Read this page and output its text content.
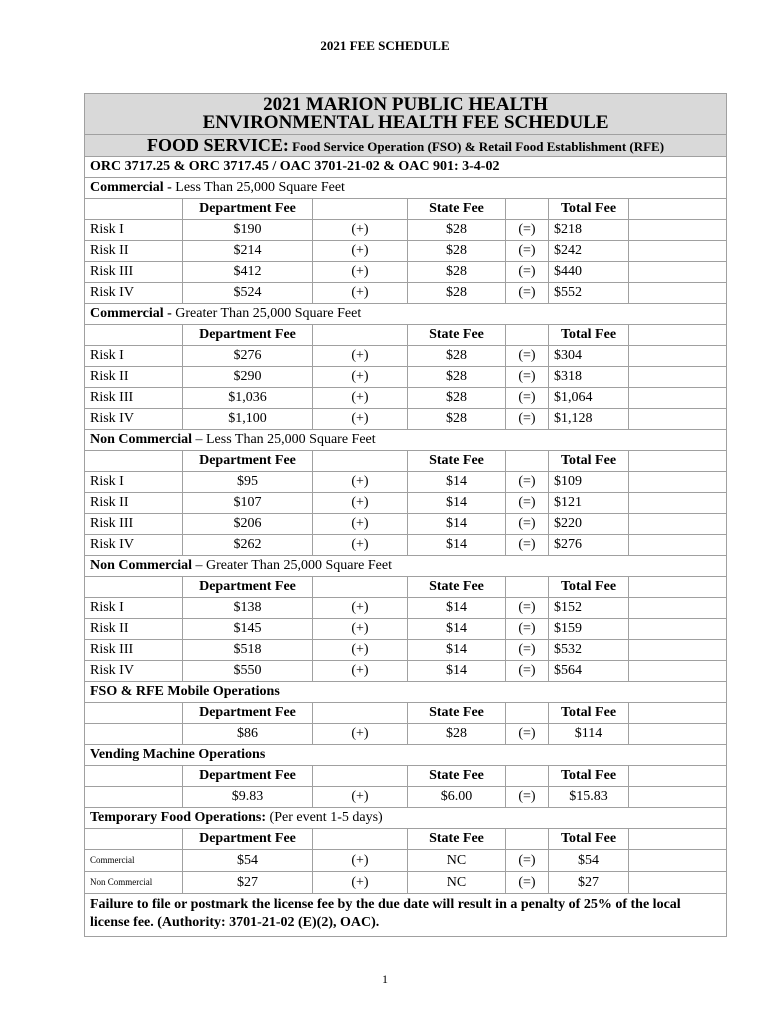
2021 FEE SCHEDULE
2021 MARION PUBLIC HEALTH
ENVIRONMENTAL HEALTH FEE SCHEDULE						

FOOD SERVICE: Food Service Operation (FSO) & Retail Food Establishment (RFE)						
ORC 3717.25 & ORC 3717.45 / OAC 3701-21-02 & OAC 901: 3-4-02						
Commercial - Less Than 25,000 Square Feet						
	Department Fee		State Fee		Total Fee	
Risk I	$190	(+)	$28	(=)	$218	
Risk II	$214	(+)	$28	(=)	$242	
Risk III	$412	(+)	$28	(=)	$440	
Risk IV	$524	(+)	$28	(=)	$552	
Commercial - Greater Than 25,000 Square Feet						
	Department Fee		State Fee		Total Fee	
Risk I	$276	(+)	$28	(=)	$304	
Risk II	$290	(+)	$28	(=)	$318	
Risk III	$1,036	(+)	$28	(=)	$1,064	
Risk IV	$1,100	(+)	$28	(=)	$1,128	
Non Commercial – Less Than 25,000 Square Feet						
	Department Fee		State Fee		Total Fee	
Risk I	$95	(+)	$14	(=)	$109	
Risk II	$107	(+)	$14	(=)	$121	
Risk III	$206	(+)	$14	(=)	$220	
Risk IV	$262	(+)	$14	(=)	$276	
Non Commercial – Greater Than 25,000 Square Feet						
	Department Fee		State Fee		Total Fee	
Risk I	$138	(+)	$14	(=)	$152	
Risk II	$145	(+)	$14	(=)	$159	
Risk III	$518	(+)	$14	(=)	$532	
Risk IV	$550	(+)	$14	(=)	$564	
FSO & RFE Mobile Operations						
	Department Fee		State Fee		Total Fee	
	$86	(+)	$28	(=)	$114	
Vending Machine Operations						
	Department Fee		State Fee		Total Fee	
	$9.83	(+)	$6.00	(=)	$15.83	
Temporary Food Operations: (Per event 1-5 days)						
	Department Fee		State Fee		Total Fee	
Commercial	$54	(+)	NC	(=)	$54	
Non Commercial	$27	(+)	NC	(=)	$27	
Failure to file or postmark the license fee by the due date will result in a penalty of 25% of the local license fee. (Authority: 3701-21-02 (E)(2), OAC).						
1
